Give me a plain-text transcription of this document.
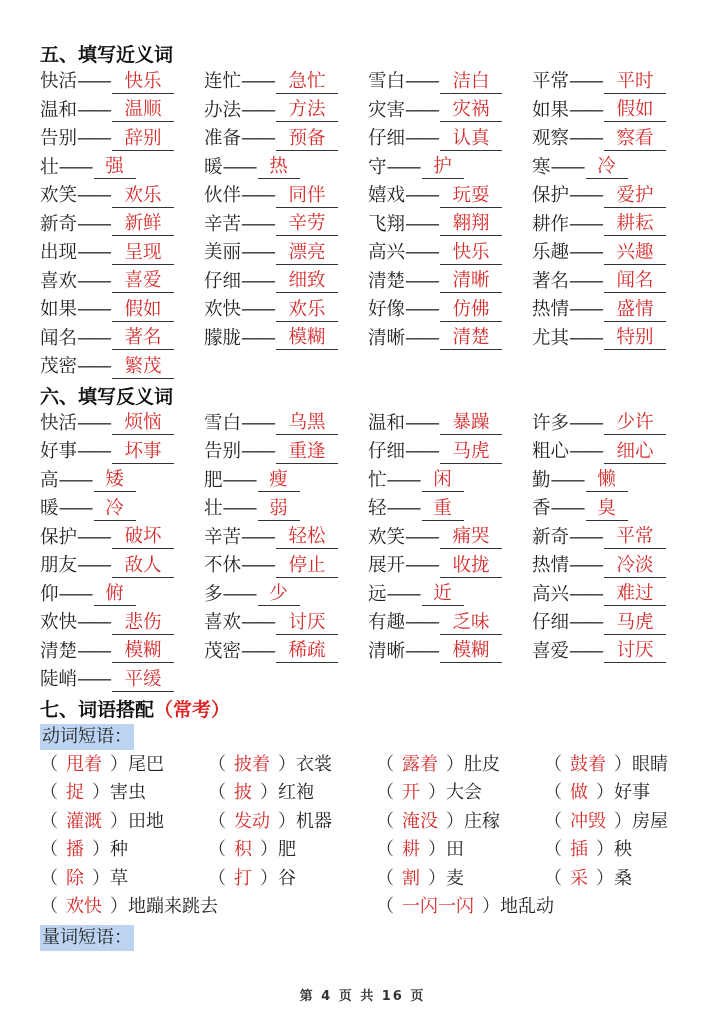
五、填写近义词
快活 —— 快乐	连忙 —— 急忙	雪白 —— 洁白	平常 —— 平时
温和 —— 温顺	办法 —— 方法	灾害 —— 灾祸	如果 —— 假如
告别 —— 辞别	准备 —— 预备	仔细 —— 认真	观察 —— 察看
壮 —— 强	暖 —— 热	守 —— 护	寒 —— 冷
欢笑 —— 欢乐	伙伴 —— 同伴	嬉戏 —— 玩耍	保护 —— 爱护
新奇 —— 新鲜	辛苦 —— 辛劳	飞翔 —— 翱翔	耕作 —— 耕耘
出现 —— 呈现	美丽 —— 漂亮	高兴 —— 快乐	乐趣 —— 兴趣
喜欢 —— 喜爱	仔细 —— 细致	清楚 —— 清晰	著名 —— 闻名
如果 —— 假如	欢快 —— 欢乐	好像 —— 仿佛	热情 —— 盛情
闻名 —— 著名	朦胧 —— 模糊	清晰 —— 清楚	尤其 —— 特别
茂密 —— 繁茂
六、填写反义词
快活 —— 烦恼	雪白 —— 乌黑	温和 —— 暴躁	许多 —— 少许
好事 —— 坏事	告别 —— 重逢	仔细 —— 马虎	粗心 —— 细心
高 —— 矮	肥 —— 瘦	忙 —— 闲	勤 —— 懒
暖 —— 冷	壮 —— 弱	轻 —— 重	香 —— 臭
保护 —— 破坏	辛苦 —— 轻松	欢笑 —— 痛哭	新奇 —— 平常
朋友 —— 敌人	不休 —— 停止	展开 —— 收拢	热情 —— 冷淡
仰 —— 俯	多 —— 少	远 —— 近	高兴 —— 难过
欢快 —— 悲伤	喜欢 —— 讨厌	有趣 —— 乏味	仔细 —— 马虎
清楚 —— 模糊	茂密 —— 稀疏	清晰 —— 模糊	喜爱 —— 讨厌
陡峭 —— 平缓
七、词语搭配（常考）
动词短语：
（ 甩着 ）尾巴	（ 披着 ）衣裳	（ 露着 ）肚皮	（ 鼓着 ）眼睛
（ 捉 ）害虫	（ 披 ）红袍	（ 开 ）大会	（ 做 ）好事
（ 灌溉 ）田地	（ 发动 ）机器	（ 淹没 ）庄稼	（ 冲毁 ）房屋
（ 播 ）种	（ 积 ）肥	（ 耕 ）田	（ 插 ）秧
（ 除 ）草	（ 打 ）谷	（ 割 ）麦	（ 采 ）桑
（ 欢快 ）地蹦来跳去	（ 一闪一闪 ）地乱动
量词短语：
第 4 页 共 16 页
